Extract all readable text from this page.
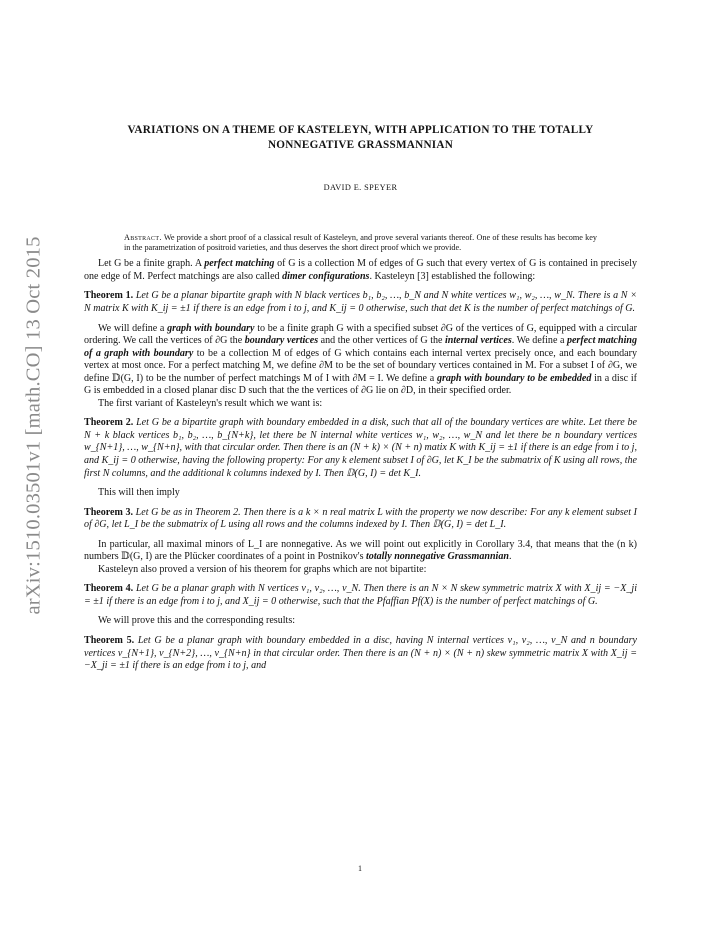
arXiv:1510.03501v1 [math.CO] 13 Oct 2015
VARIATIONS ON A THEME OF KASTELEYN, WITH APPLICATION TO THE TOTALLY NONNEGATIVE GRASSMANNIAN
DAVID E. SPEYER
Abstract. We provide a short proof of a classical result of Kasteleyn, and prove several variants thereof. One of these results has become key in the parametrization of positroid varieties, and thus deserves the short direct proof which we provide.

Let G be a finite graph. A perfect matching of G is a collection M of edges of G such that every vertex of G is contained in precisely one edge of M. Perfect matchings are also called dimer configurations. Kasteleyn [3] established the following:

Theorem 1. Let G be a planar bipartite graph with N black vertices b₁, b₂, …, b_N and N white vertices w₁, w₂, …, w_N. There is a N × N matrix K with K_ij = ±1 if there is an edge from i to j, and K_ij = 0 otherwise, such that det K is the number of perfect matchings of G.

We will define a graph with boundary to be a finite graph G with a specified subset ∂G of the vertices of G, equipped with a circular ordering. We call the vertices of ∂G the boundary vertices and the other vertices of G the internal vertices. We define a perfect matching of a graph with boundary to be a collection M of edges of G which contains each internal vertex precisely once, and each boundary vertex at most once. For a perfect matching M, we define ∂M to be the set of boundary vertices contained in M. For a subset I of ∂G, we define 𝔻(G, I) to be the number of perfect matchings M of I with ∂M = I. We define a graph with boundary to be embedded in a disc if G is embedded in a closed planar disc D such that the the vertices of ∂G lie on ∂D, in their specified order.

The first variant of Kasteleyn's result which we want is:

Theorem 2. Let G be a bipartite graph with boundary embedded in a disk, such that all of the boundary vertices are white. Let there be N + k black vertices b₁, b₂, …, b_{N+k}, let there be N internal white vertices w₁, w₂, …, w_N and let there be n boundary vertices w_{N+1}, …, w_{N+n}, with that circular order. Then there is an (N + k) × (N + n) matix K with K_ij = ±1 if there is an edge from i to j, and K_ij = 0 otherwise, having the following property: For any k element subset I of ∂G, let K_I be the submatrix of K using all rows, the first N columns, and the additional k columns indexed by I. Then 𝔻(G, I) = det K_I.

This will then imply

Theorem 3. Let G be as in Theorem 2. Then there is a k × n real matrix L with the property we now describe: For any k element subset I of ∂G, let L_I be the submatrix of L using all rows and the columns indexed by I. Then 𝔻(G, I) = det L_I.

In particular, all maximal minors of L_I are nonnegative. As we will point out explicitly in Corollary 3.4, that means that the (n k) numbers 𝔻(G, I) are the Plücker coordinates of a point in Postnikov's totally nonnegative Grassmannian.

Kasteleyn also proved a version of his theorem for graphs which are not bipartite:

Theorem 4. Let G be a planar graph with N vertices v₁, v₂, …, v_N. Then there is an N × N skew symmetric matrix X with X_ij = −X_ji = ±1 if there is an edge from i to j, and X_ij = 0 otherwise, such that the Pfaffian Pf(X) is the number of perfect matchings of G.

We will prove this and the corresponding results:

Theorem 5. Let G be a planar graph with boundary embedded in a disc, having N internal vertices v₁, v₂, …, v_N and n boundary vertices v_{N+1}, v_{N+2}, …, v_{N+n} in that circular order. Then there is an (N + n) × (N + n) skew symmetric matrix X with X_ij = −X_ji = ±1 if there is an edge from i to j, and

1
